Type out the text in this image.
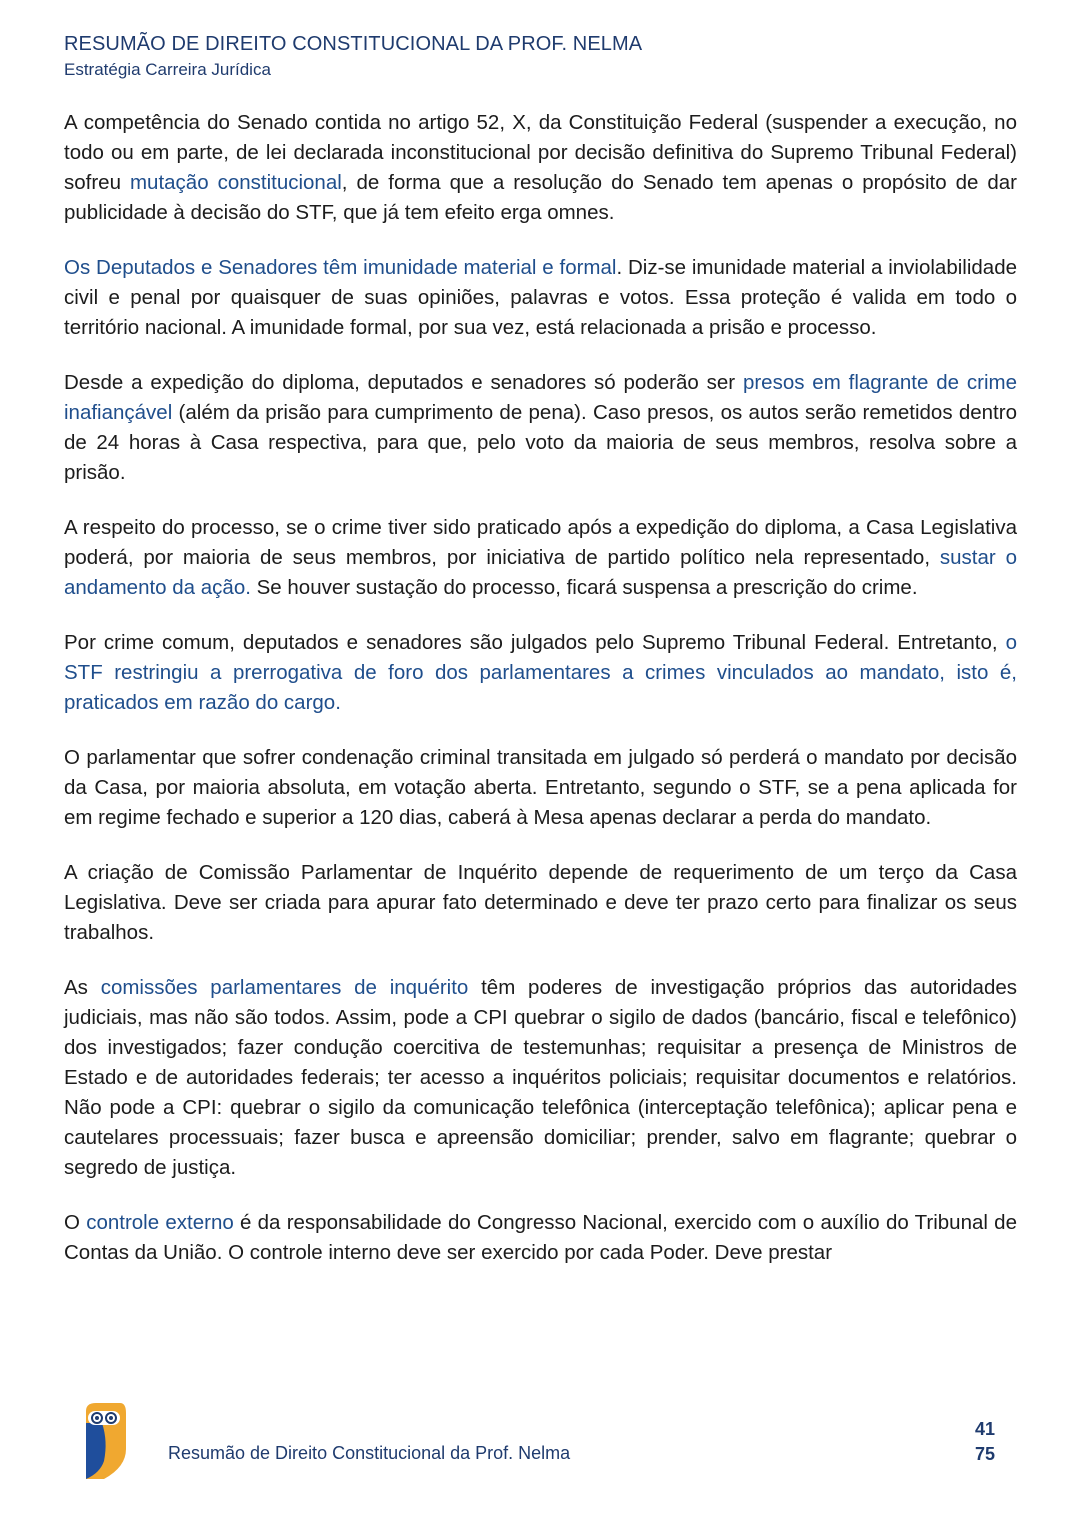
RESUMÃO DE DIREITO CONSTITUCIONAL DA PROF. NELMA
Estratégia Carreira Jurídica

A competência do Senado contida no artigo 52, X, da Constituição Federal (suspender a execução, no todo ou em parte, de lei declarada inconstitucional por decisão definitiva do Supremo Tribunal Federal) sofreu mutação constitucional, de forma que a resolução do Senado tem apenas o propósito de dar publicidade à decisão do STF, que já tem efeito erga omnes.

Os Deputados e Senadores têm imunidade material e formal. Diz-se imunidade material a inviolabilidade civil e penal por quaisquer de suas opiniões, palavras e votos. Essa proteção é valida em todo o território nacional. A imunidade formal, por sua vez, está relacionada a prisão e processo.

Desde a expedição do diploma, deputados e senadores só poderão ser presos em flagrante de crime inafiançável (além da prisão para cumprimento de pena). Caso presos, os autos serão remetidos dentro de 24 horas à Casa respectiva, para que, pelo voto da maioria de seus membros, resolva sobre a prisão.

A respeito do processo, se o crime tiver sido praticado após a expedição do diploma, a Casa Legislativa poderá, por maioria de seus membros, por iniciativa de partido político nela representado, sustar o andamento da ação. Se houver sustação do processo, ficará suspensa a prescrição do crime.

Por crime comum, deputados e senadores são julgados pelo Supremo Tribunal Federal. Entretanto, o STF restringiu a prerrogativa de foro dos parlamentares a crimes vinculados ao mandato, isto é, praticados em razão do cargo.

O parlamentar que sofrer condenação criminal transitada em julgado só perderá o mandato por decisão da Casa, por maioria absoluta, em votação aberta. Entretanto, segundo o STF, se a pena aplicada for em regime fechado e superior a 120 dias, caberá à Mesa apenas declarar a perda do mandato.

A criação de Comissão Parlamentar de Inquérito depende de requerimento de um terço da Casa Legislativa. Deve ser criada para apurar fato determinado e deve ter prazo certo para finalizar os seus trabalhos.

As comissões parlamentares de inquérito têm poderes de investigação próprios das autoridades judiciais, mas não são todos. Assim, pode a CPI quebrar o sigilo de dados (bancário, fiscal e telefônico) dos investigados; fazer condução coercitiva de testemunhas; requisitar a presença de Ministros de Estado e de autoridades federais; ter acesso a inquéritos policiais; requisitar documentos e relatórios. Não pode a CPI: quebrar o sigilo da comunicação telefônica (interceptação telefônica); aplicar pena e cautelares processuais; fazer busca e apreensão domiciliar; prender, salvo em flagrante; quebrar o segredo de justiça.

O controle externo é da responsabilidade do Congresso Nacional, exercido com o auxílio do Tribunal de Contas da União. O controle interno deve ser exercido por cada Poder. Deve prestar

Resumão de Direito Constitucional da Prof. Nelma
41
75
